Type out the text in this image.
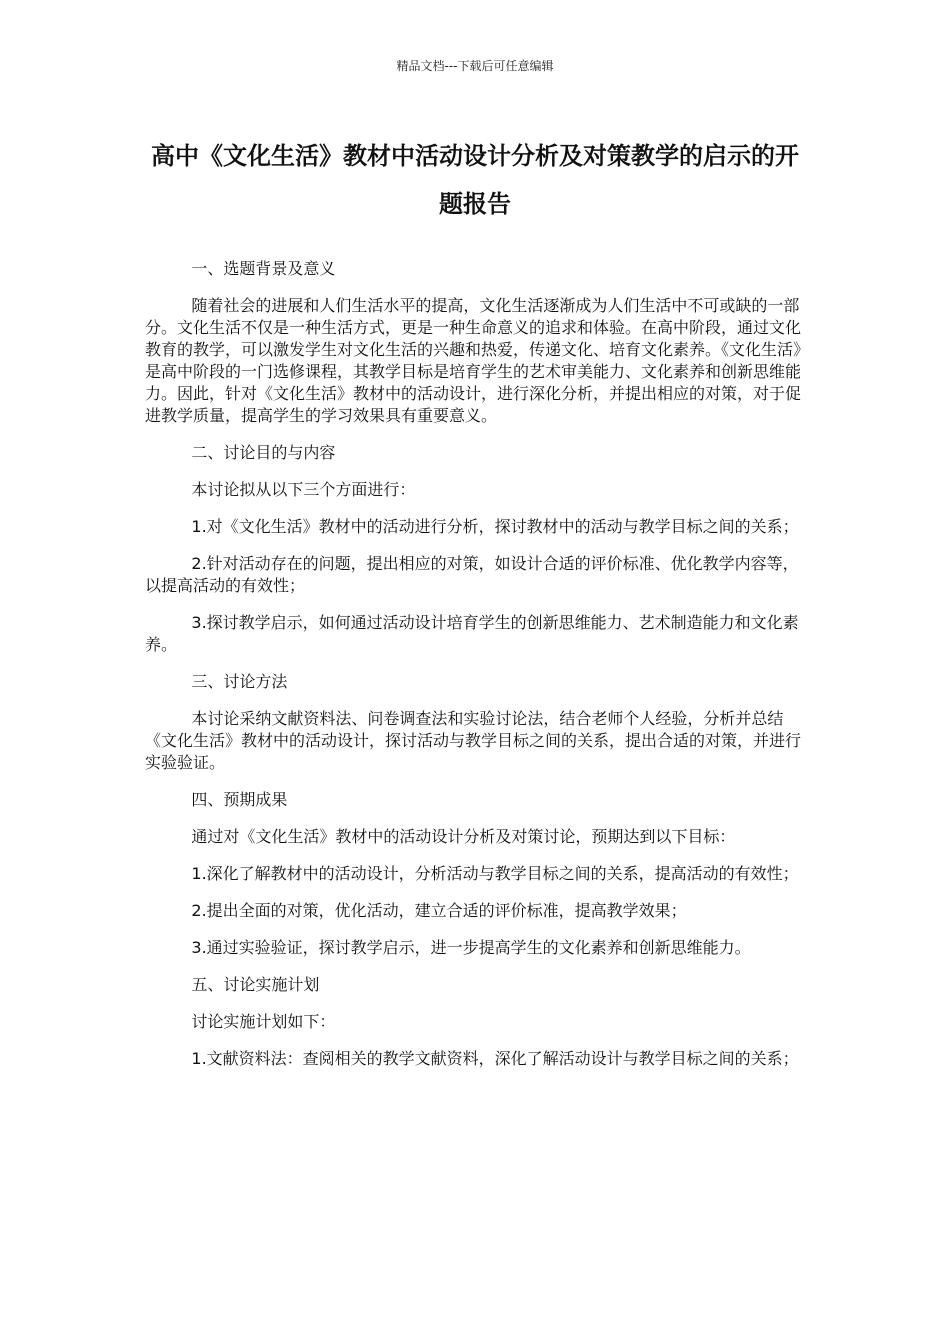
精品文档---下载后可任意编辑
高中《文化生活》教材中活动设计分析及对策教学的启示的开题报告

一、选题背景及意义

随着社会的进展和人们生活水平的提高，文化生活逐渐成为人们生活中不可或缺的一部分。文化生活不仅是一种生活方式，更是一种生命意义的追求和体验。在高中阶段，通过文化教育的教学，可以激发学生对文化生活的兴趣和热爱，传递文化、培育文化素养。《文化生活》是高中阶段的一门选修课程，其教学目标是培育学生的艺术审美能力、文化素养和创新思维能力。因此，针对《文化生活》教材中的活动设计，进行深化分析，并提出相应的对策，对于促进教学质量，提高学生的学习效果具有重要意义。

二、讨论目的与内容

本讨论拟从以下三个方面进行：

1.对《文化生活》教材中的活动进行分析，探讨教材中的活动与教学目标之间的关系；

2.针对活动存在的问题，提出相应的对策，如设计合适的评价标准、优化教学内容等，以提高活动的有效性；

3.探讨教学启示，如何通过活动设计培育学生的创新思维能力、艺术制造能力和文化素养。

三、讨论方法

本讨论采纳文献资料法、问卷调查法和实验讨论法，结合老师个人经验，分析并总结《文化生活》教材中的活动设计，探讨活动与教学目标之间的关系，提出合适的对策，并进行实验验证。

四、预期成果

通过对《文化生活》教材中的活动设计分析及对策讨论，预期达到以下目标：

1.深化了解教材中的活动设计，分析活动与教学目标之间的关系，提高活动的有效性；

2.提出全面的对策，优化活动，建立合适的评价标准，提高教学效果；

3.通过实验验证，探讨教学启示，进一步提高学生的文化素养和创新思维能力。

五、讨论实施计划

讨论实施计划如下：

1.文献资料法：查阅相关的教学文献资料，深化了解活动设计与教学目标之间的关系；
